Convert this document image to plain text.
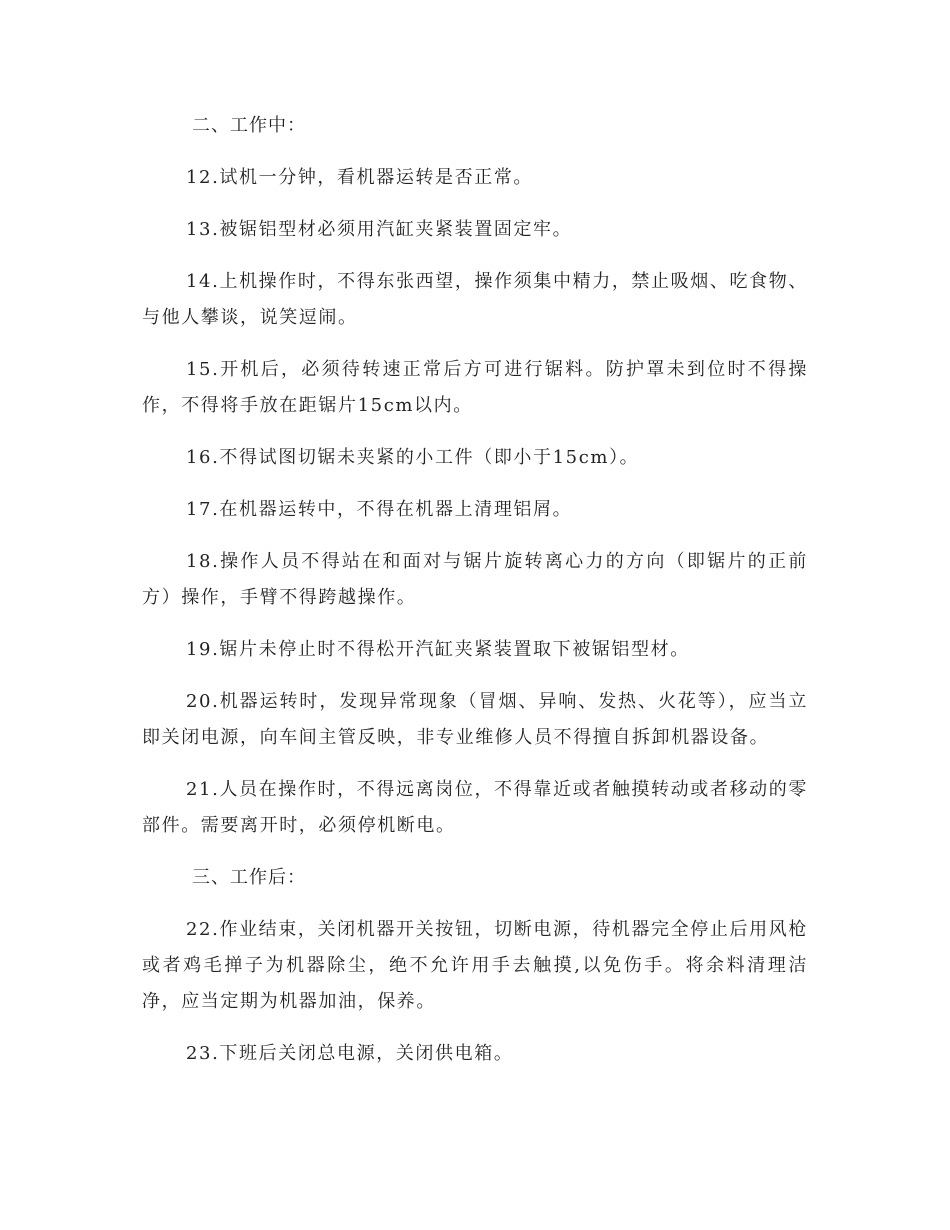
二、工作中：

12.试机一分钟，看机器运转是否正常。

13.被锯铝型材必须用汽缸夹紧装置固定牢。

14.上机操作时，不得东张西望，操作须集中精力，禁止吸烟、吃食物、与他人攀谈，说笑逗闹。

15.开机后，必须待转速正常后方可进行锯料。防护罩未到位时不得操作，不得将手放在距锯片15cm以内。

16.不得试图切锯未夹紧的小工件（即小于15cm）。

17.在机器运转中，不得在机器上清理铝屑。

18.操作人员不得站在和面对与锯片旋转离心力的方向（即锯片的正前方）操作，手臂不得跨越操作。

19.锯片未停止时不得松开汽缸夹紧装置取下被锯铝型材。

20.机器运转时，发现异常现象（冒烟、异响、发热、火花等），应当立即关闭电源，向车间主管反映，非专业维修人员不得擅自拆卸机器设备。

21.人员在操作时，不得远离岗位，不得靠近或者触摸转动或者移动的零部件。需要离开时，必须停机断电。

三、工作后：

22.作业结束，关闭机器开关按钮，切断电源，待机器完全停止后用风枪或者鸡毛掸子为机器除尘，绝不允许用手去触摸,以免伤手。将余料清理洁净，应当定期为机器加油，保养。

23.下班后关闭总电源，关闭供电箱。
